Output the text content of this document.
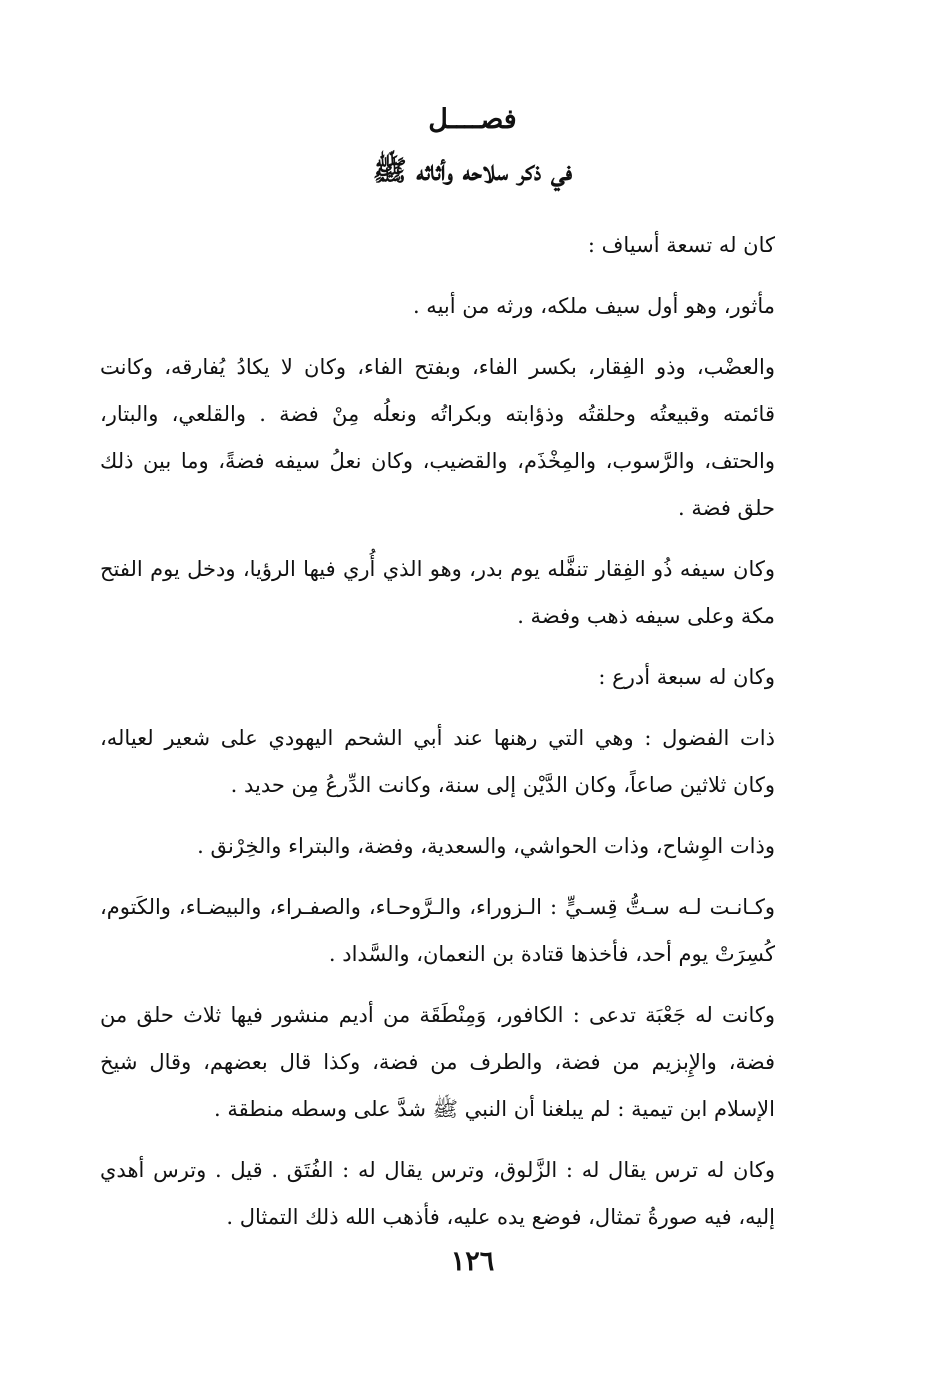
فصــــل
في ذكر سلاحه وأثاثه ﷺ

كان له تسعة أسياف :

مأثور، وهو أول سيف ملكه، ورثه من أبيه .

والعضْب، وذو الفِقار، بكسر الفاء، وبفتح الفاء، وكان لا يكادُ يُفارقه، وكانت قائمته وقبيعتُه وحلقتُه وذؤابته وبكراتُه ونعلُه مِنْ فضة . والقلعي، والبتار، والحتف، والرَّسوب، والمِخْذَم، والقضيب، وكان نعلُ سيفه فضةً، وما بين ذلك حلق فضة .

وكان سيفه ذُو الفِقار تنفَّله يوم بدر، وهو الذي أُري فيها الرؤيا، ودخل يوم الفتح مكة وعلى سيفه ذهب وفضة .

وكان له سبعة أدرع :

ذات الفضول : وهي التي رهنها عند أبي الشحم اليهودي على شعير لعياله، وكان ثلاثين صاعاً، وكان الدَّيْن إلى سنة، وكانت الدِّرعُ مِن حديد .

وذات الوِشاح، وذات الحواشي، والسعدية، وفضة، والبتراء والخِرْنق .

وكـانـت لـه سـتُّ قِسـيٍّ : الـزوراء، والـرَّوحـاء، والصفـراء، والبيضـاء، والكَتوم، كُسِرَتْ يوم أحد، فأخذها قتادة بن النعمان، والسَّداد .

وكانت له جَعْبَة تدعى : الكافور، وَمِنْطَقَة من أديم منشور فيها ثلاث حلق من فضة، والإِبزيم من فضة، والطرف من فضة، وكذا قال بعضهم، وقال شيخ الإسلام ابن تيمية : لم يبلغنا أن النبي ﷺ شدَّ على وسطه منطقة .

وكان له ترس يقال له : الزَّلوق، وترس يقال له : الفُتَق . قيل . وترس أهدي إليه، فيه صورةُ تمثال، فوضع يده عليه، فأذهب الله ذلك التمثال .

١٢٦
